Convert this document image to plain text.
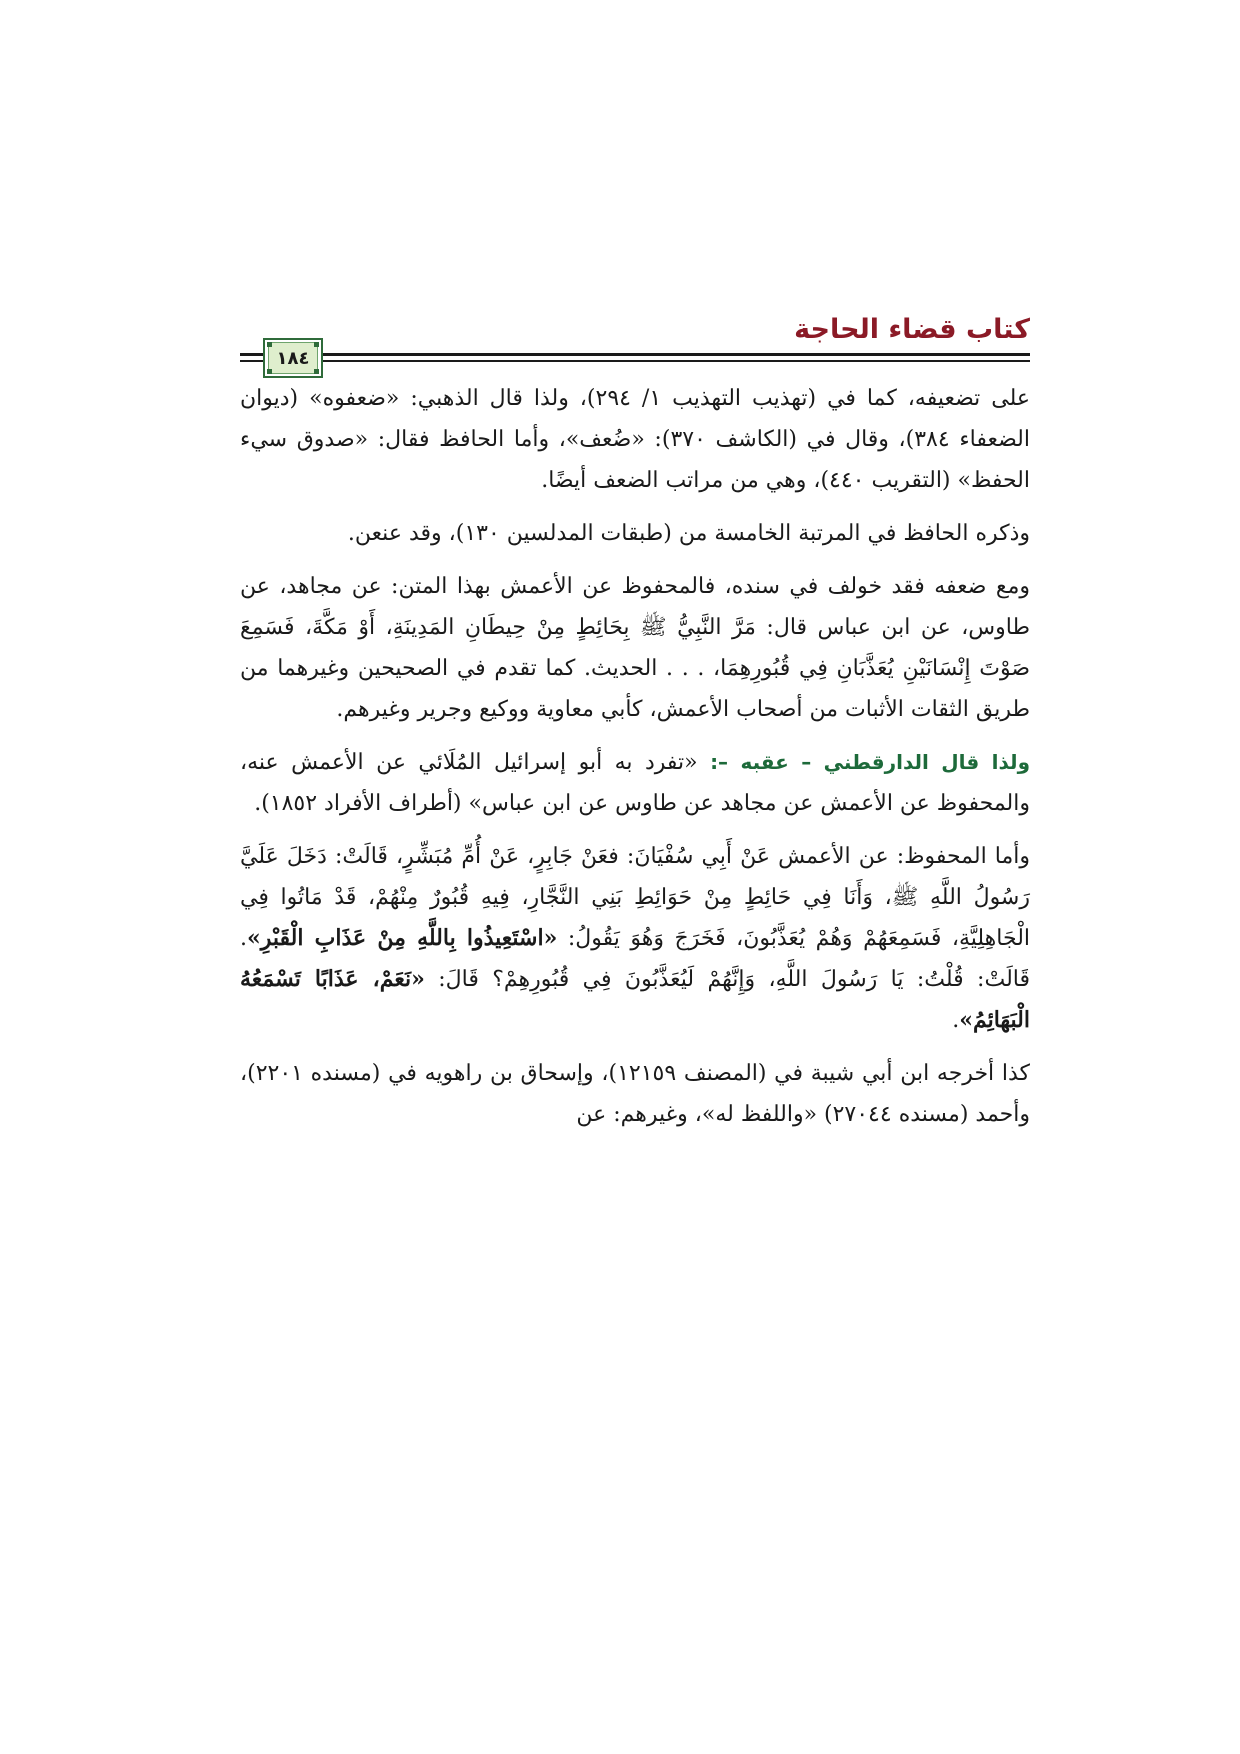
كتاب قضاء الحاجة
١٨٤

على تضعيفه، كما في (تهذيب التهذيب ١/ ٢٩٤)، ولذا قال الذهبي: «ضعفوه» (ديوان الضعفاء ٣٨٤)، وقال في (الكاشف ٣٧٠): «ضُعف»، وأما الحافظ فقال: «صدوق سيء الحفظ» (التقريب ٤٤٠)، وهي من مراتب الضعف أيضًا.

وذكره الحافظ في المرتبة الخامسة من (طبقات المدلسين ١٣٠)، وقد عنعن.

ومع ضعفه فقد خولف في سنده، فالمحفوظ عن الأعمش بهذا المتن: عن مجاهد، عن طاوس، عن ابن عباس قال: مَرَّ النَّبِيُّ ﷺ بِحَائِطٍ مِنْ حِيطَانِ المَدِينَةِ، أَوْ مَكَّةَ، فَسَمِعَ صَوْتَ إِنْسَانَيْنِ يُعَذَّبَانِ فِي قُبُورِهِمَا، . . . الحديث. كما تقدم في الصحيحين وغيرهما من طريق الثقات الأثبات من أصحاب الأعمش، كأبي معاوية ووكيع وجرير وغيرهم.

ولذا قال الدارقطني – عقبه –: «تفرد به أبو إسرائيل المُلَائي عن الأعمش عنه، والمحفوظ عن الأعمش عن مجاهد عن طاوس عن ابن عباس» (أطراف الأفراد ١٨٥٢).

وأما المحفوظ: عن الأعمش عَنْ أَبِي سُفْيَانَ: فعَنْ جَابِرٍ، عَنْ أُمِّ مُبَشِّرٍ، قَالَتْ: دَخَلَ عَلَيَّ رَسُولُ اللَّهِ ﷺ، وَأَنَا فِي حَائِطٍ مِنْ حَوَائِطِ بَنِي النَّجَّارِ، فِيهِ قُبُورٌ مِنْهُمْ، قَدْ مَاتُوا فِي الْجَاهِلِيَّةِ، فَسَمِعَهُمْ وَهُمْ يُعَذَّبُونَ، فَخَرَجَ وَهُوَ يَقُولُ: «اسْتَعِيذُوا بِاللَّهِ مِنْ عَذَابِ الْقَبْرِ». قَالَتْ: قُلْتُ: يَا رَسُولَ اللَّهِ، وَإِنَّهُمْ لَيُعَذَّبُونَ فِي قُبُورِهِمْ؟ قَالَ: «نَعَمْ، عَذَابًا تَسْمَعُهُ الْبَهَائِمُ».

كذا أخرجه ابن أبي شيبة في (المصنف ١٢١٥٩)، وإسحاق بن راهويه في (مسنده ٢٢٠١)، وأحمد (مسنده ٢٧٠٤٤) «واللفظ له»، وغيرهم: عن
